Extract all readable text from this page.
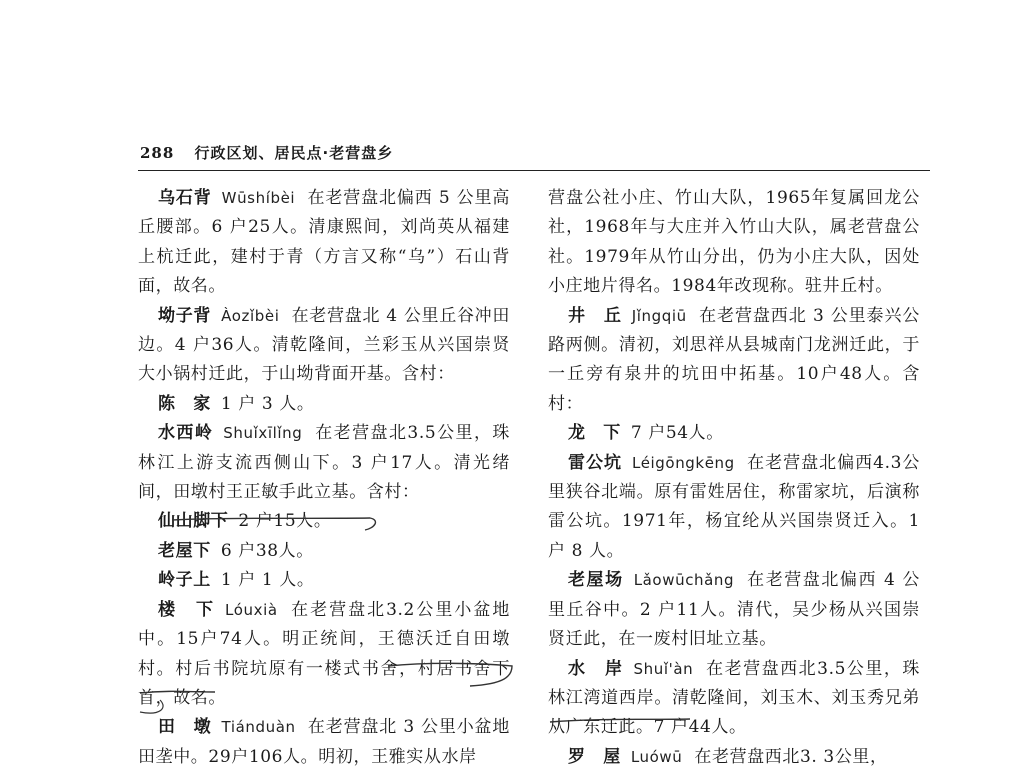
288 行政区划、居民点·老营盘乡

乌石背 Wūshíbèi 在老营盘北偏西 5 公里高丘腰部。6 户25人。清康熙间，刘尚英从福建上杭迁此，建村于青（方言又称“乌”）石山背面，故名。

坳子背 Àozǐbèi 在老营盘北 4 公里丘谷冲田边。4 户36人。清乾隆间，兰彩玉从兴国崇贤大小锅村迁此，于山坳背面开基。含村：

陈　家 1 户 3 人。

水西岭 Shuǐxīlǐng 在老营盘北3.5公里，珠林江上游支流西侧山下。3 户17人。清光绪间，田墩村王正敏手此立基。含村：

仙山脚下 2 户15人。

老屋下 6 户38人。

岭子上 1 户 1 人。

楼　下 Lóuxià 在老营盘北3.2公里小盆地中。15户74人。明正统间，王德沃迁自田墩村。村后书院坑原有一楼式书舍，村居书舍下首，故名。

田　墩 Tiánduàn 在老营盘北 3 公里小盆地田垄中。29户106人。明初，王雅实从水岸

营盘公社小庄、竹山大队，1965年复属回龙公社，1968年与大庄并入竹山大队，属老营盘公社。1979年从竹山分出，仍为小庄大队，因处小庄地片得名。1984年改现称。驻井丘村。

井　丘 Jǐngqiū 在老营盘西北 3 公里泰兴公路两侧。清初，刘思祥从县城南门龙洲迁此，于一丘旁有泉井的坑田中拓基。10户48人。含村：

龙　下 7 户54人。

雷公坑 Léigōngkēng 在老营盘北偏西4.3公里狭谷北端。原有雷姓居住，称雷家坑，后演称雷公坑。1971年，杨宜纶从兴国崇贤迁入。1 户 8 人。

老屋场 Lǎowūchǎng 在老营盘北偏西 4 公里丘谷中。2 户11人。清代，吴少杨从兴国崇贤迁此，在一废村旧址立基。

水　岸 Shuǐ'àn 在老营盘西北3.5公里，珠林江湾道西岸。清乾隆间，刘玉木、刘玉秀兄弟从广东迁此。7 户44人。

罗　屋 Luówū 在老营盘西北3. 3公里，
